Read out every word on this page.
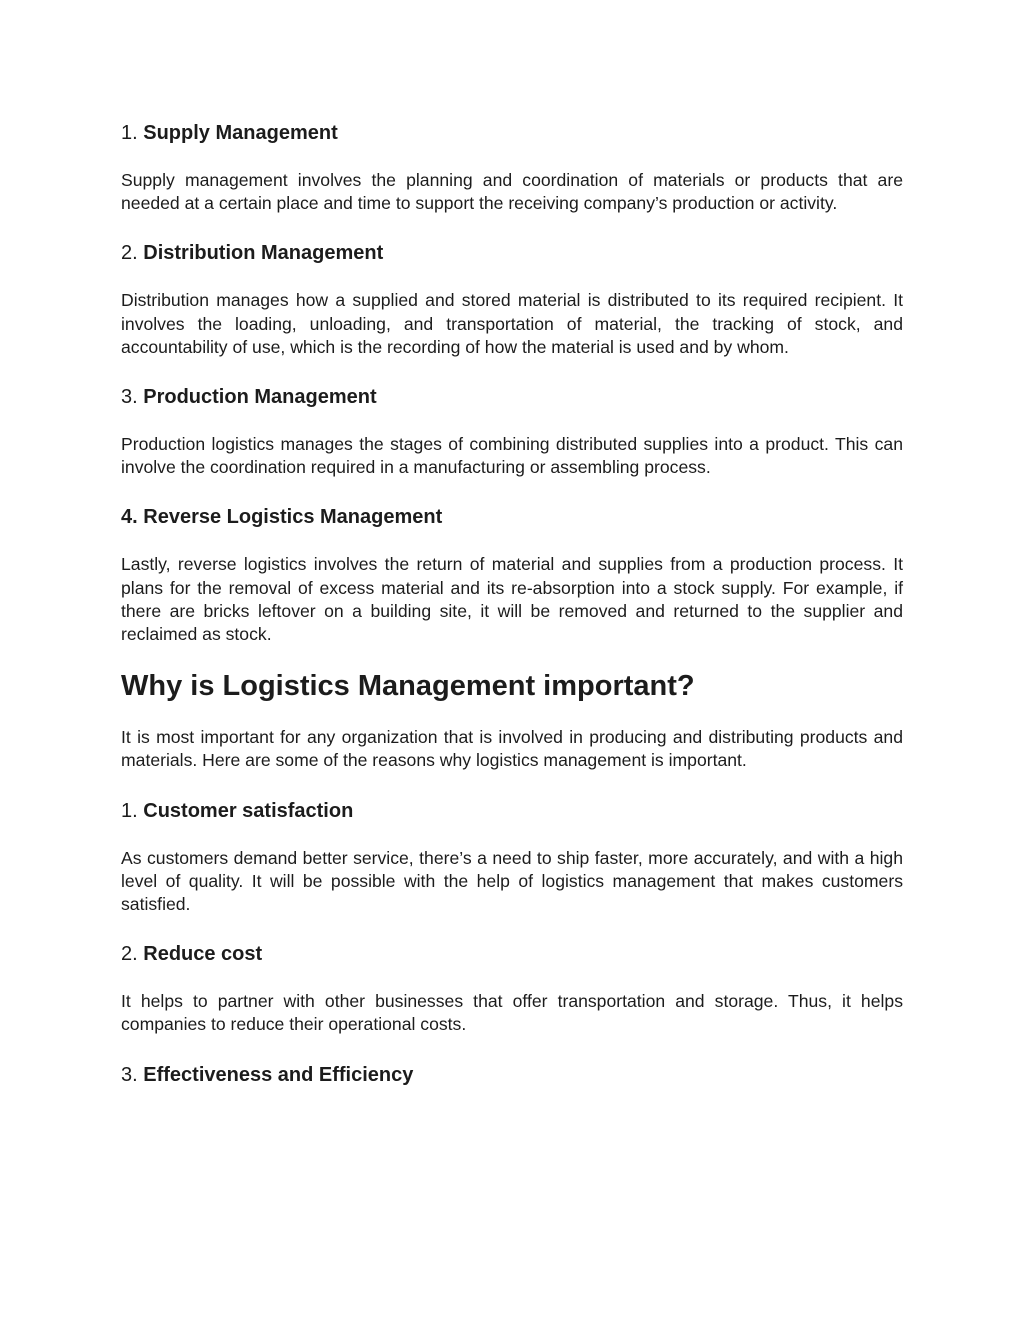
1. Supply Management

Supply management involves the planning and coordination of materials or products that are needed at a certain place and time to support the receiving company’s production or activity.

2. Distribution Management

Distribution manages how a supplied and stored material is distributed to its required recipient. It involves the loading, unloading, and transportation of material, the tracking of stock, and accountability of use, which is the recording of how the material is used and by whom.

3. Production Management

Production logistics manages the stages of combining distributed supplies into a product. This can involve the coordination required in a manufacturing or assembling process.

4. Reverse Logistics Management

Lastly, reverse logistics involves the return of material and supplies from a production process. It plans for the removal of excess material and its re-absorption into a stock supply. For example, if there are bricks leftover on a building site, it will be removed and returned to the supplier and reclaimed as stock.

Why is Logistics Management important?

It is most important for any organization that is involved in producing and distributing products and materials. Here are some of the reasons why logistics management is important.

1. Customer satisfaction

As customers demand better service, there’s a need to ship faster, more accurately, and with a high level of quality. It will be possible with the help of logistics management that makes customers satisfied.

2. Reduce cost

It helps to partner with other businesses that offer transportation and storage. Thus, it helps companies to reduce their operational costs.

3. Effectiveness and Efficiency
